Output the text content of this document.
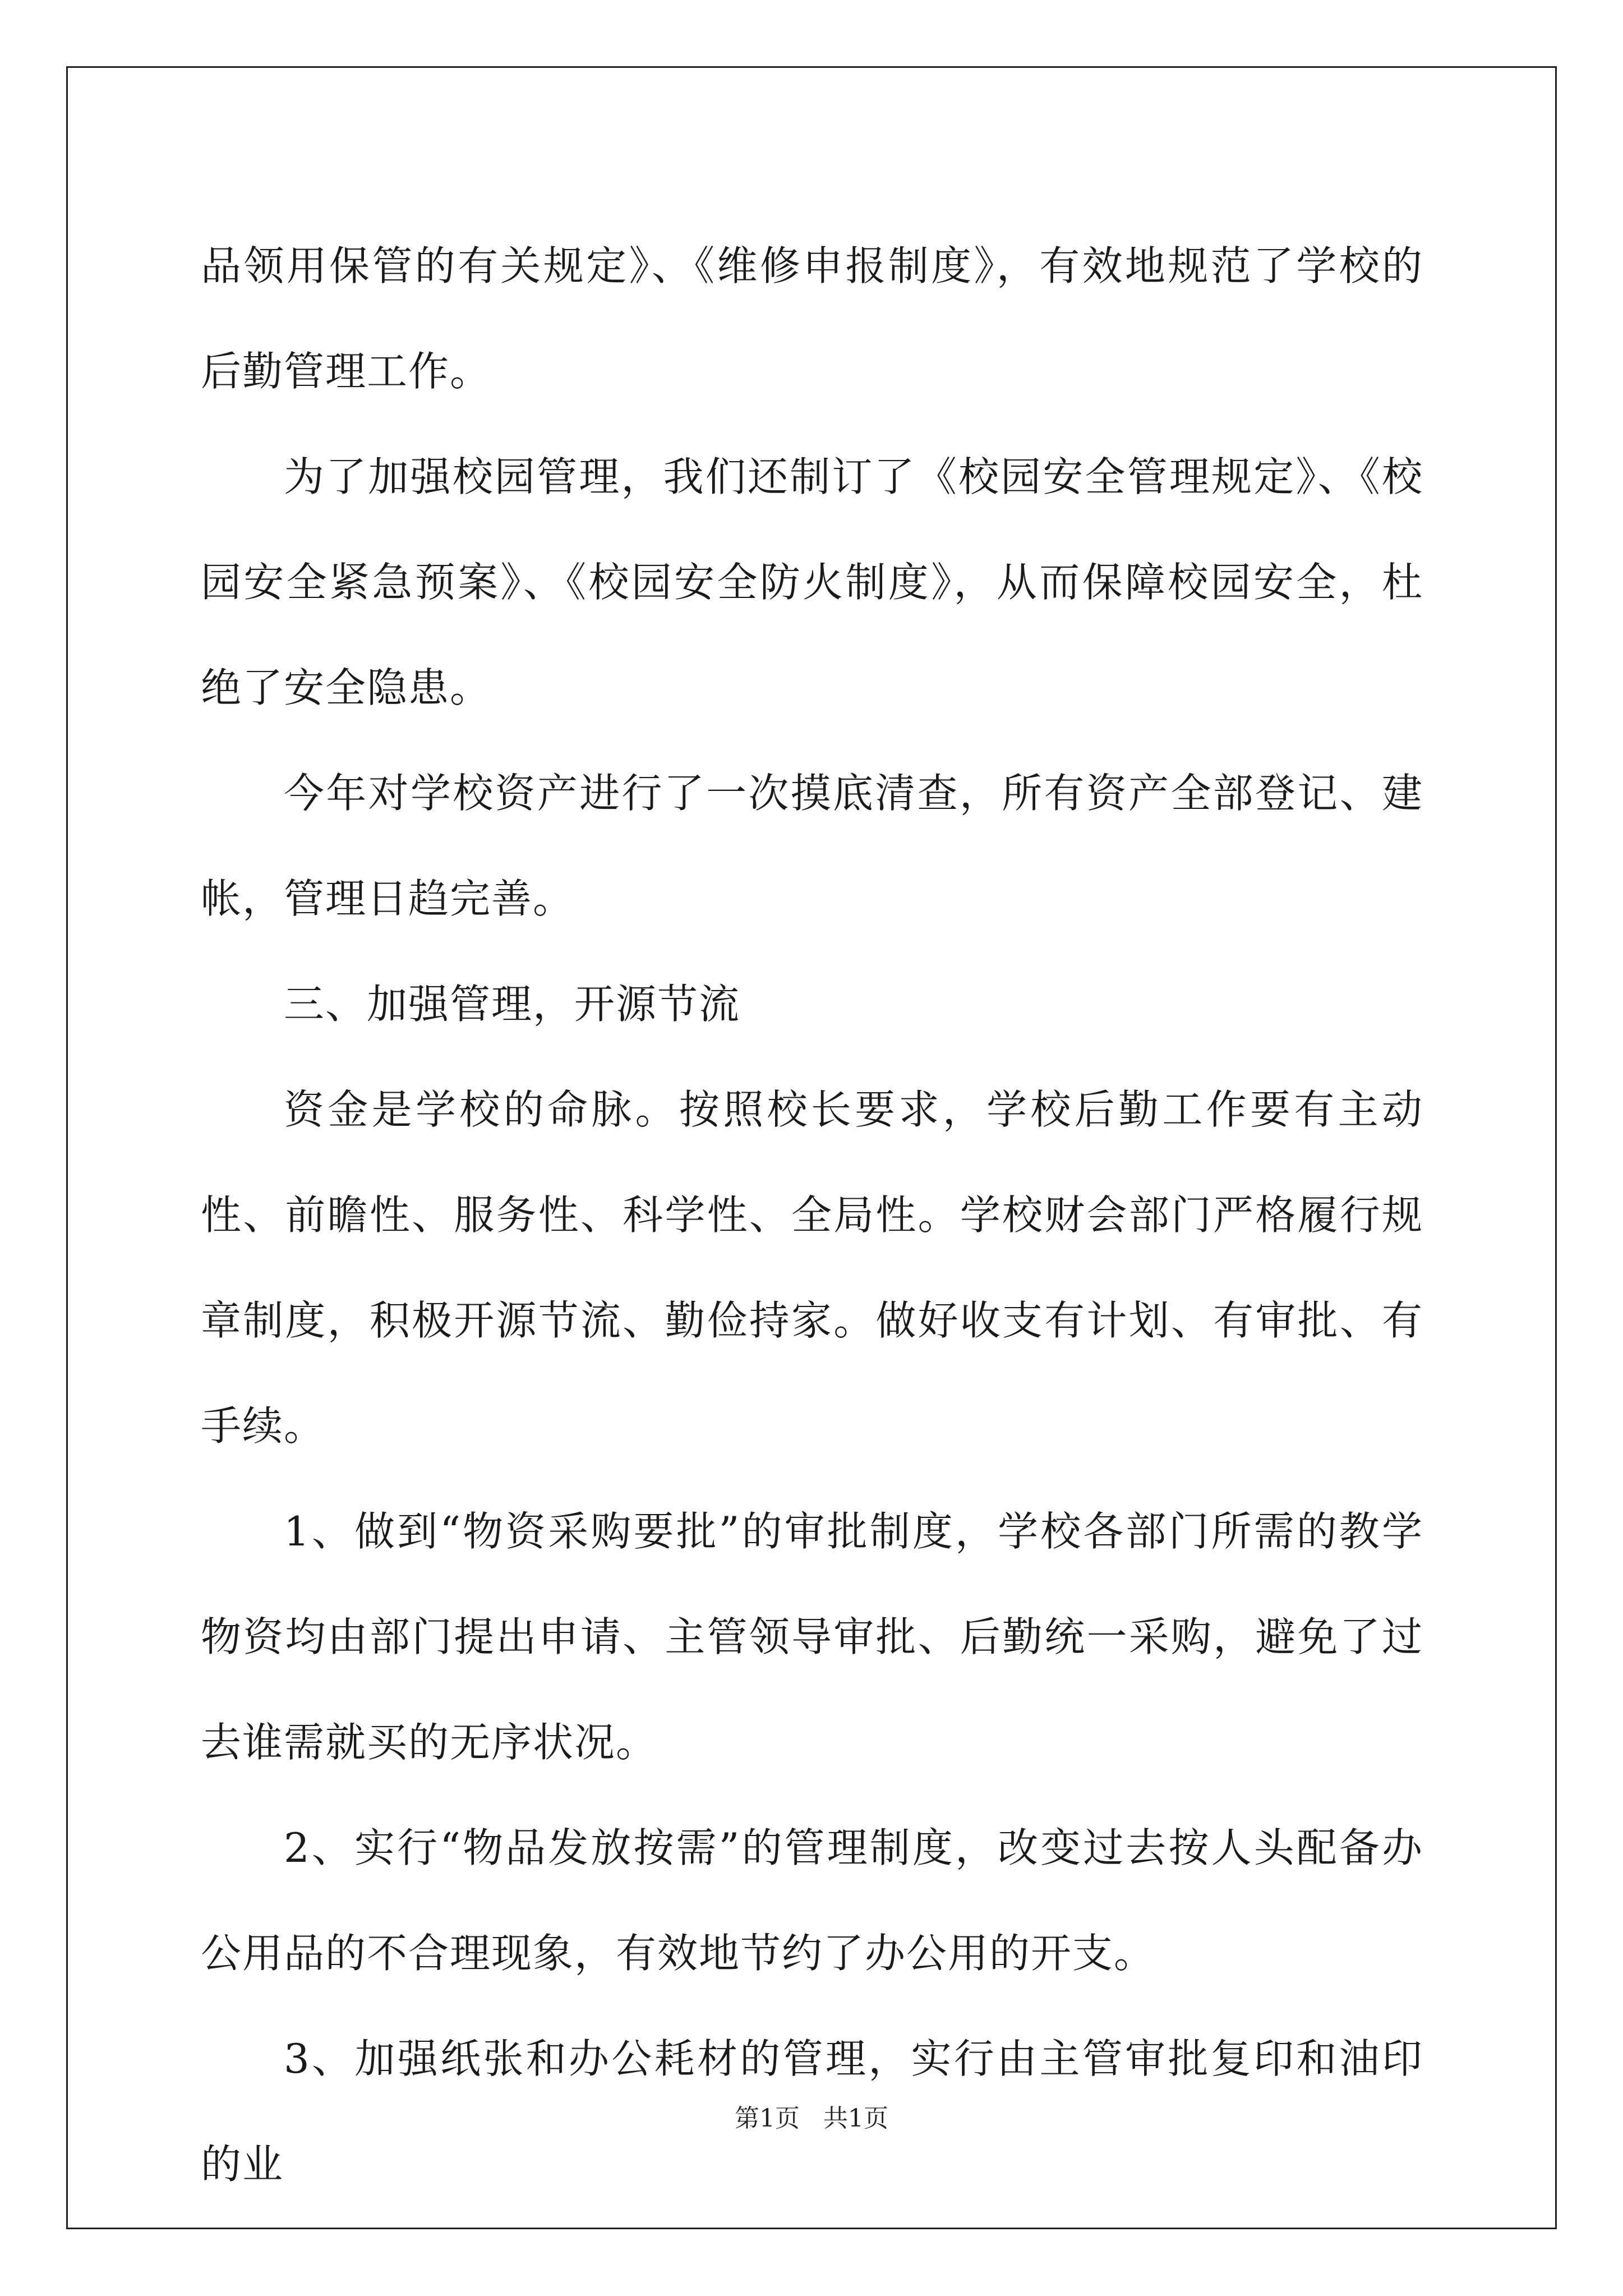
品领用保管的有关规定》、《维修申报制度》，有效地规范了学校的后勤管理工作。

为了加强校园管理，我们还制订了《校园安全管理规定》、《校园安全紧急预案》、《校园安全防火制度》，从而保障校园安全，杜绝了安全隐患。

今年对学校资产进行了一次摸底清查，所有资产全部登记、建帐，管理日趋完善。

三、加强管理，开源节流

资金是学校的命脉。按照校长要求，学校后勤工作要有主动性、前瞻性、服务性、科学性、全局性。学校财会部门严格履行规章制度，积极开源节流、勤俭持家。做好收支有计划、有审批、有手续。

1、做到“物资采购要批”的审批制度，学校各部门所需的教学物资均由部门提出申请、主管领导审批、后勤统一采购，避免了过去谁需就买的无序状况。

2、实行“物品发放按需”的管理制度，改变过去按人头配备办公用品的不合理现象，有效地节约了办公用的开支。

3、加强纸张和办公耗材的管理，实行由主管审批复印和油印的业

第1页 共1页
